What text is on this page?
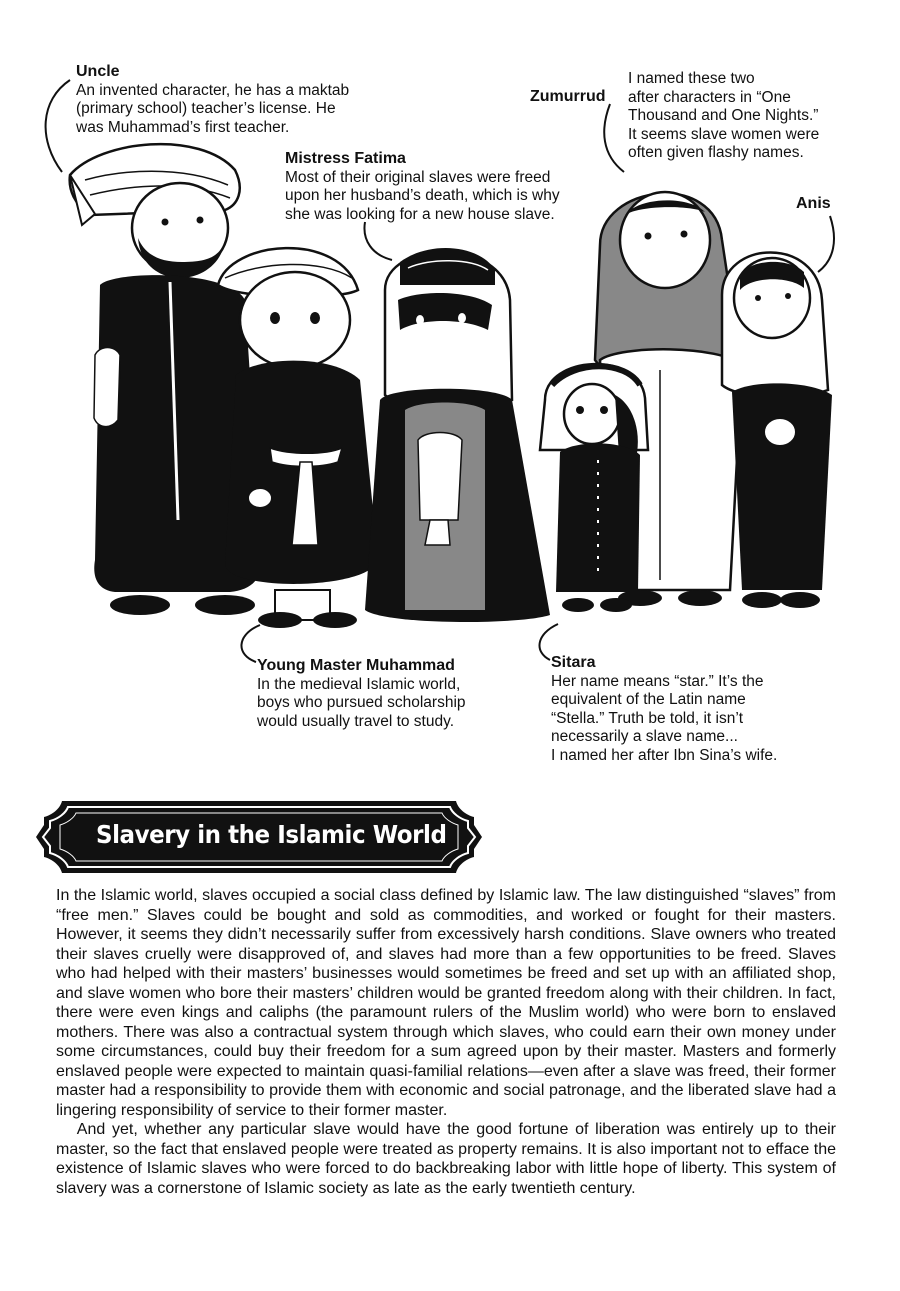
Uncle
An invented character, he has a maktab
(primary school) teacher’s license. He
was Muhammad’s first teacher.
Mistress Fatima
Most of their original slaves were freed
upon her husband’s death, which is why
she was looking for a new house slave.
Zumurrud
I named these two
after characters in “One
Thousand and One Nights.”
It seems slave women were
often given flashy names.
Anis
Young Master Muhammad
In the medieval Islamic world,
boys who pursued scholarship
would usually travel to study.
Sitara
Her name means “star.” It’s the
equivalent of the Latin name
“Stella.” Truth be told, it isn’t
necessarily a slave name...
I named her after Ibn Sina’s wife.
Slavery in the Islamic World

In the Islamic world, slaves occupied a social class defined by Islamic law. The law distinguished “slaves” from “free men.” Slaves could be bought and sold as commodities, and worked or fought for their masters. However, it seems they didn’t necessarily suffer from excessively harsh conditions. Slave owners who treated their slaves cruelly were disapproved of, and slaves had more than a few opportunities to be freed. Slaves who had helped with their masters’ businesses would sometimes be freed and set up with an affiliated shop, and slave women who bore their masters’ children would be granted freedom along with their children. In fact, there were even kings and caliphs (the paramount rulers of the Muslim world) who were born to enslaved mothers. There was also a contractual system through which slaves, who could earn their own money under some circumstances, could buy their freedom for a sum agreed upon by their master. Masters and formerly enslaved people were expected to maintain quasi-familial relations—even after a slave was freed, their former master had a responsibility to provide them with economic and social patronage, and the liberated slave had a lingering responsibility of service to their former master.

And yet, whether any particular slave would have the good fortune of liberation was entirely up to their master, so the fact that enslaved people were treated as property remains. It is also important not to efface the existence of Islamic slaves who were forced to do backbreaking labor with little hope of liberty. This system of slavery was a cornerstone of Islamic society as late as the early twentieth century.
